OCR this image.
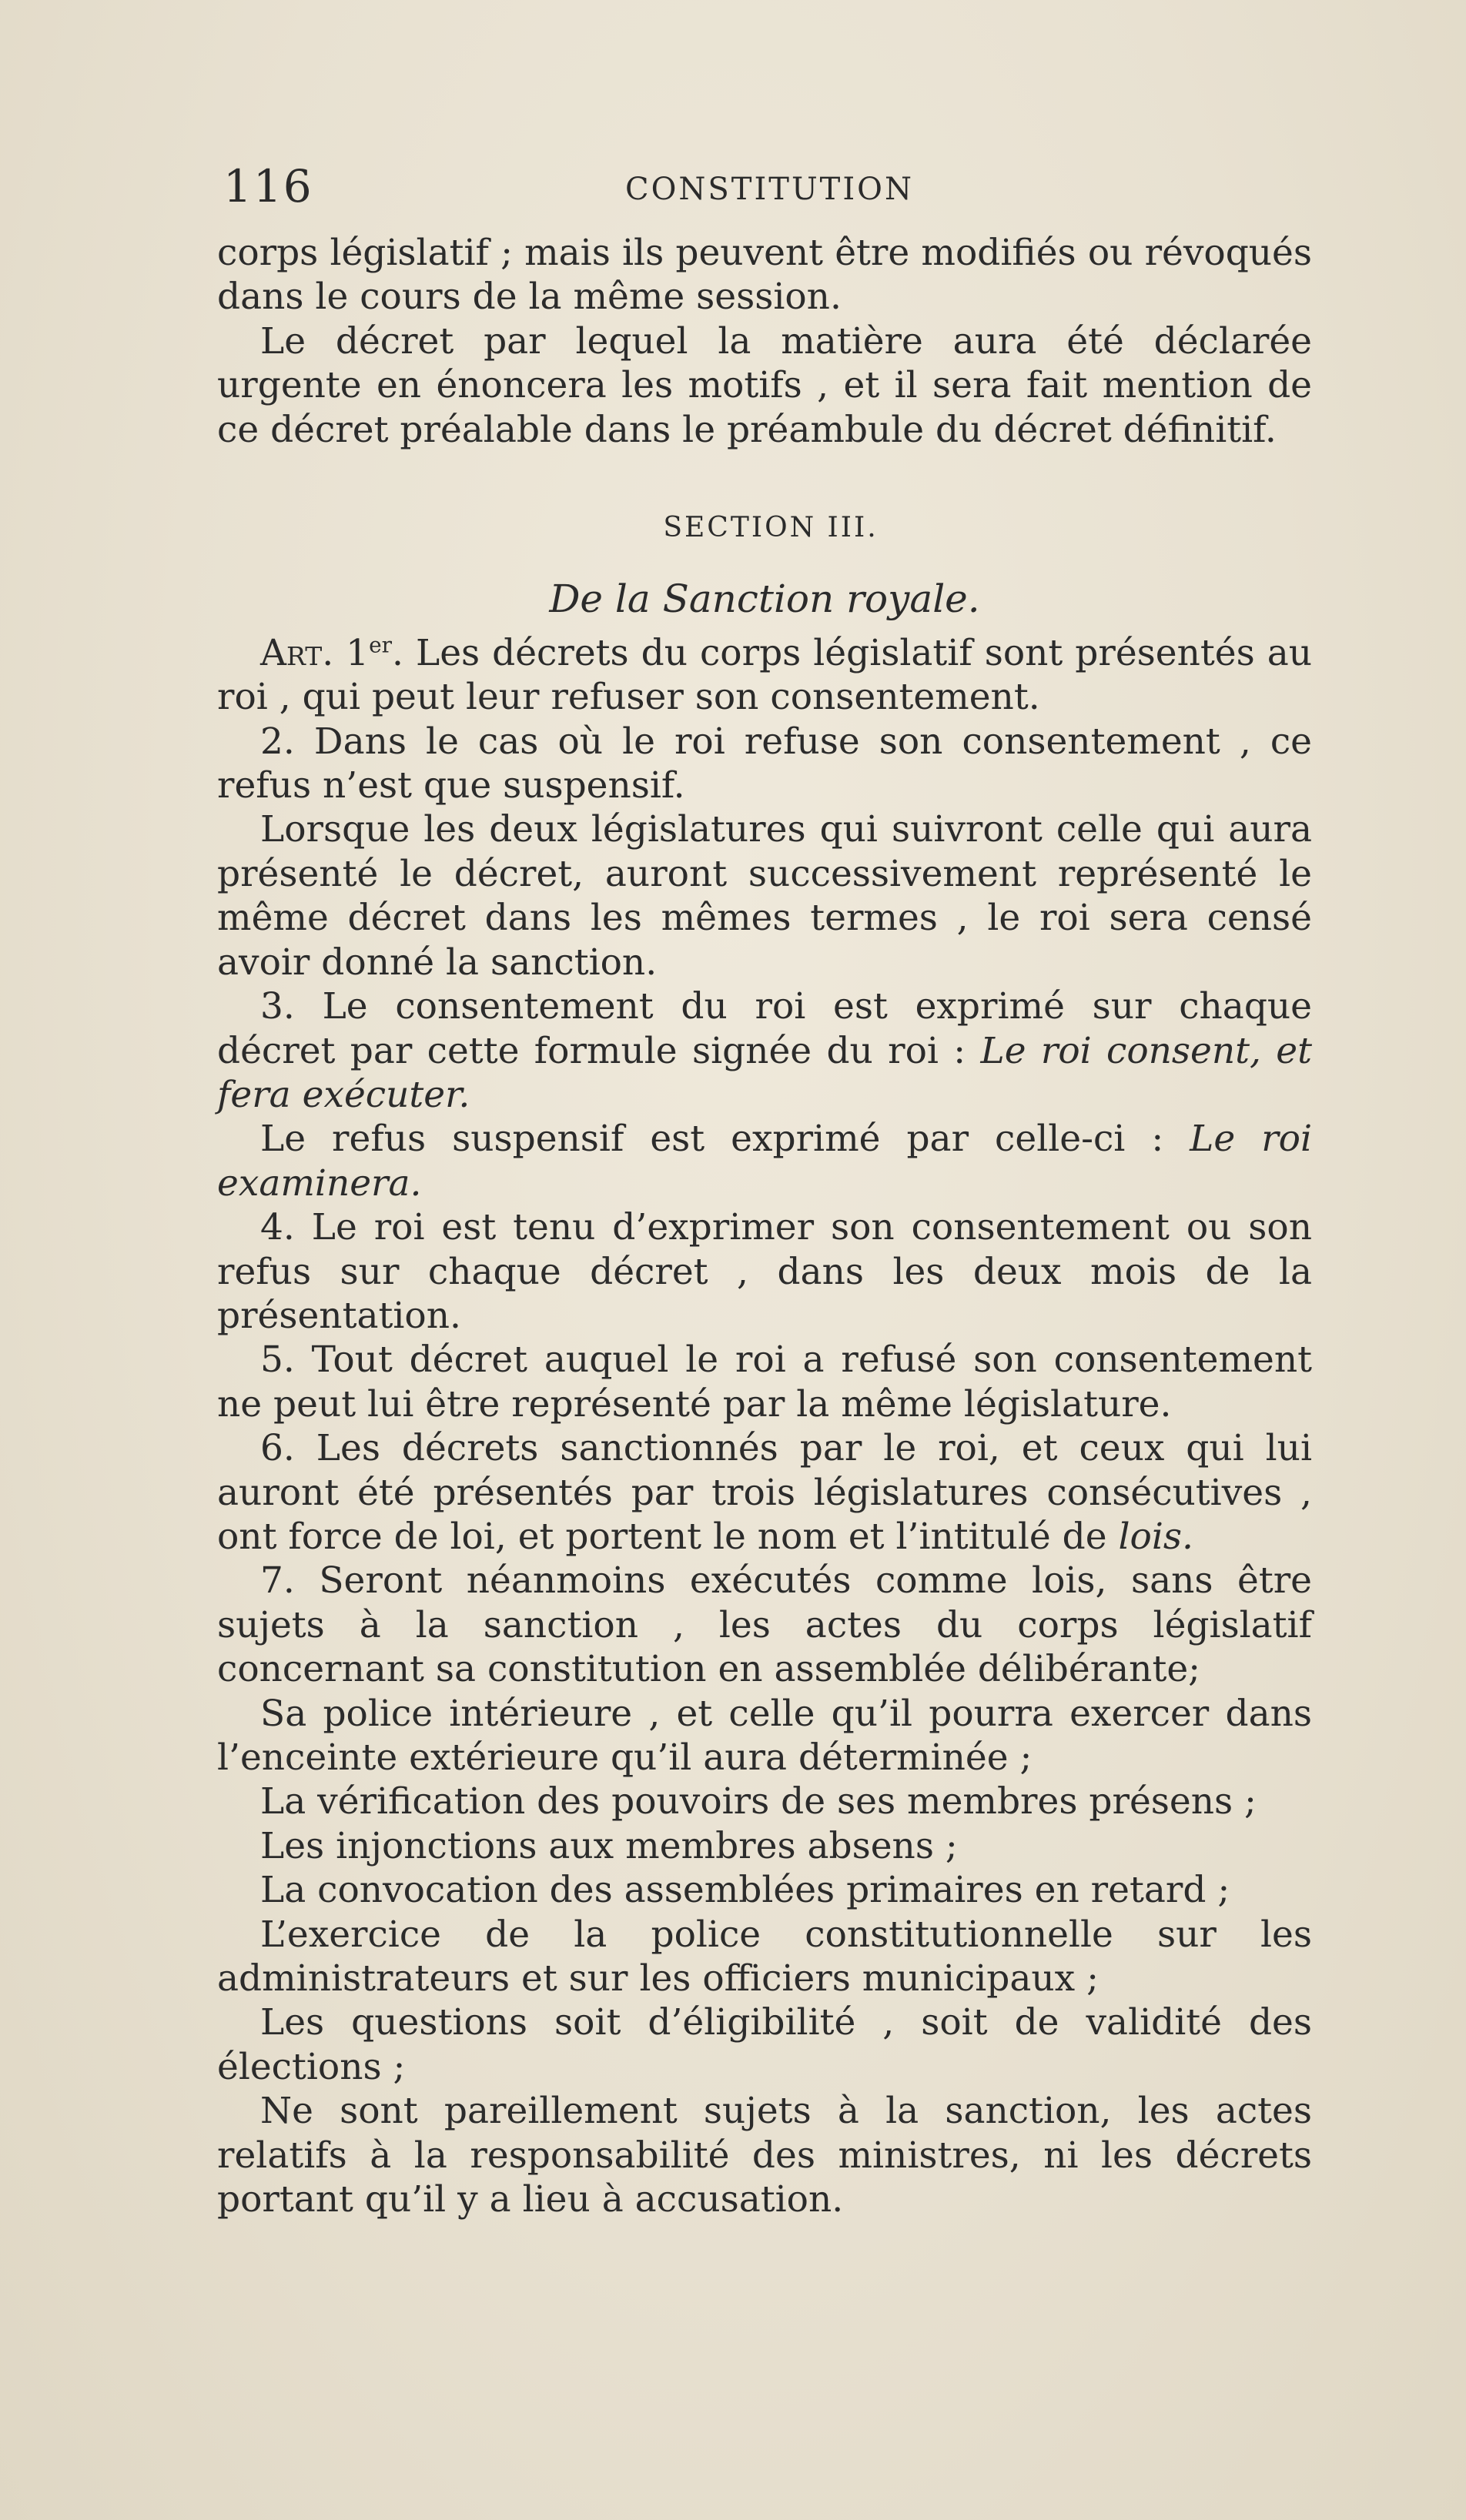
116	CONSTITUTION

corps législatif ; mais ils peuvent être modifiés ou révoqués dans le cours de la même session.

Le décret par lequel la matière aura été déclarée urgente en énoncera les motifs , et il sera fait mention de ce décret préalable dans le préambule du décret définitif.

SECTION III.

De la Sanction royale.

Art. 1er. Les décrets du corps législatif sont présentés au roi , qui peut leur refuser son consentement.

2. Dans le cas où le roi refuse son consentement , ce refus n’est que suspensif.

Lorsque les deux législatures qui suivront celle qui aura présenté le décret, auront successivement représenté le même décret dans les mêmes termes , le roi sera censé avoir donné la sanction.

3. Le consentement du roi est exprimé sur chaque décret par cette formule signée du roi : Le roi consent, et fera exécuter.

Le refus suspensif est exprimé par celle-ci : Le roi examinera.

4. Le roi est tenu d’exprimer son consentement ou son refus sur chaque décret , dans les deux mois de la présentation.

5. Tout décret auquel le roi a refusé son consentement ne peut lui être représenté par la même législature.

6. Les décrets sanctionnés par le roi, et ceux qui lui auront été présentés par trois législatures consécutives , ont force de loi, et portent le nom et l’intitulé de lois.

7. Seront néanmoins exécutés comme lois, sans être sujets à la sanction , les actes du corps législatif concernant sa constitution en assemblée délibérante;

Sa police intérieure , et celle qu’il pourra exercer dans l’enceinte extérieure qu’il aura déterminée ;

La vérification des pouvoirs de ses membres présens ;

Les injonctions aux membres absens ;

La convocation des assemblées primaires en retard ;

L’exercice de la police constitutionnelle sur les administrateurs et sur les officiers municipaux ;

Les questions soit d’éligibilité , soit de validité des élections ;

Ne sont pareillement sujets à la sanction, les actes relatifs à la responsabilité des ministres, ni les décrets portant qu’il y a lieu à accusation.
